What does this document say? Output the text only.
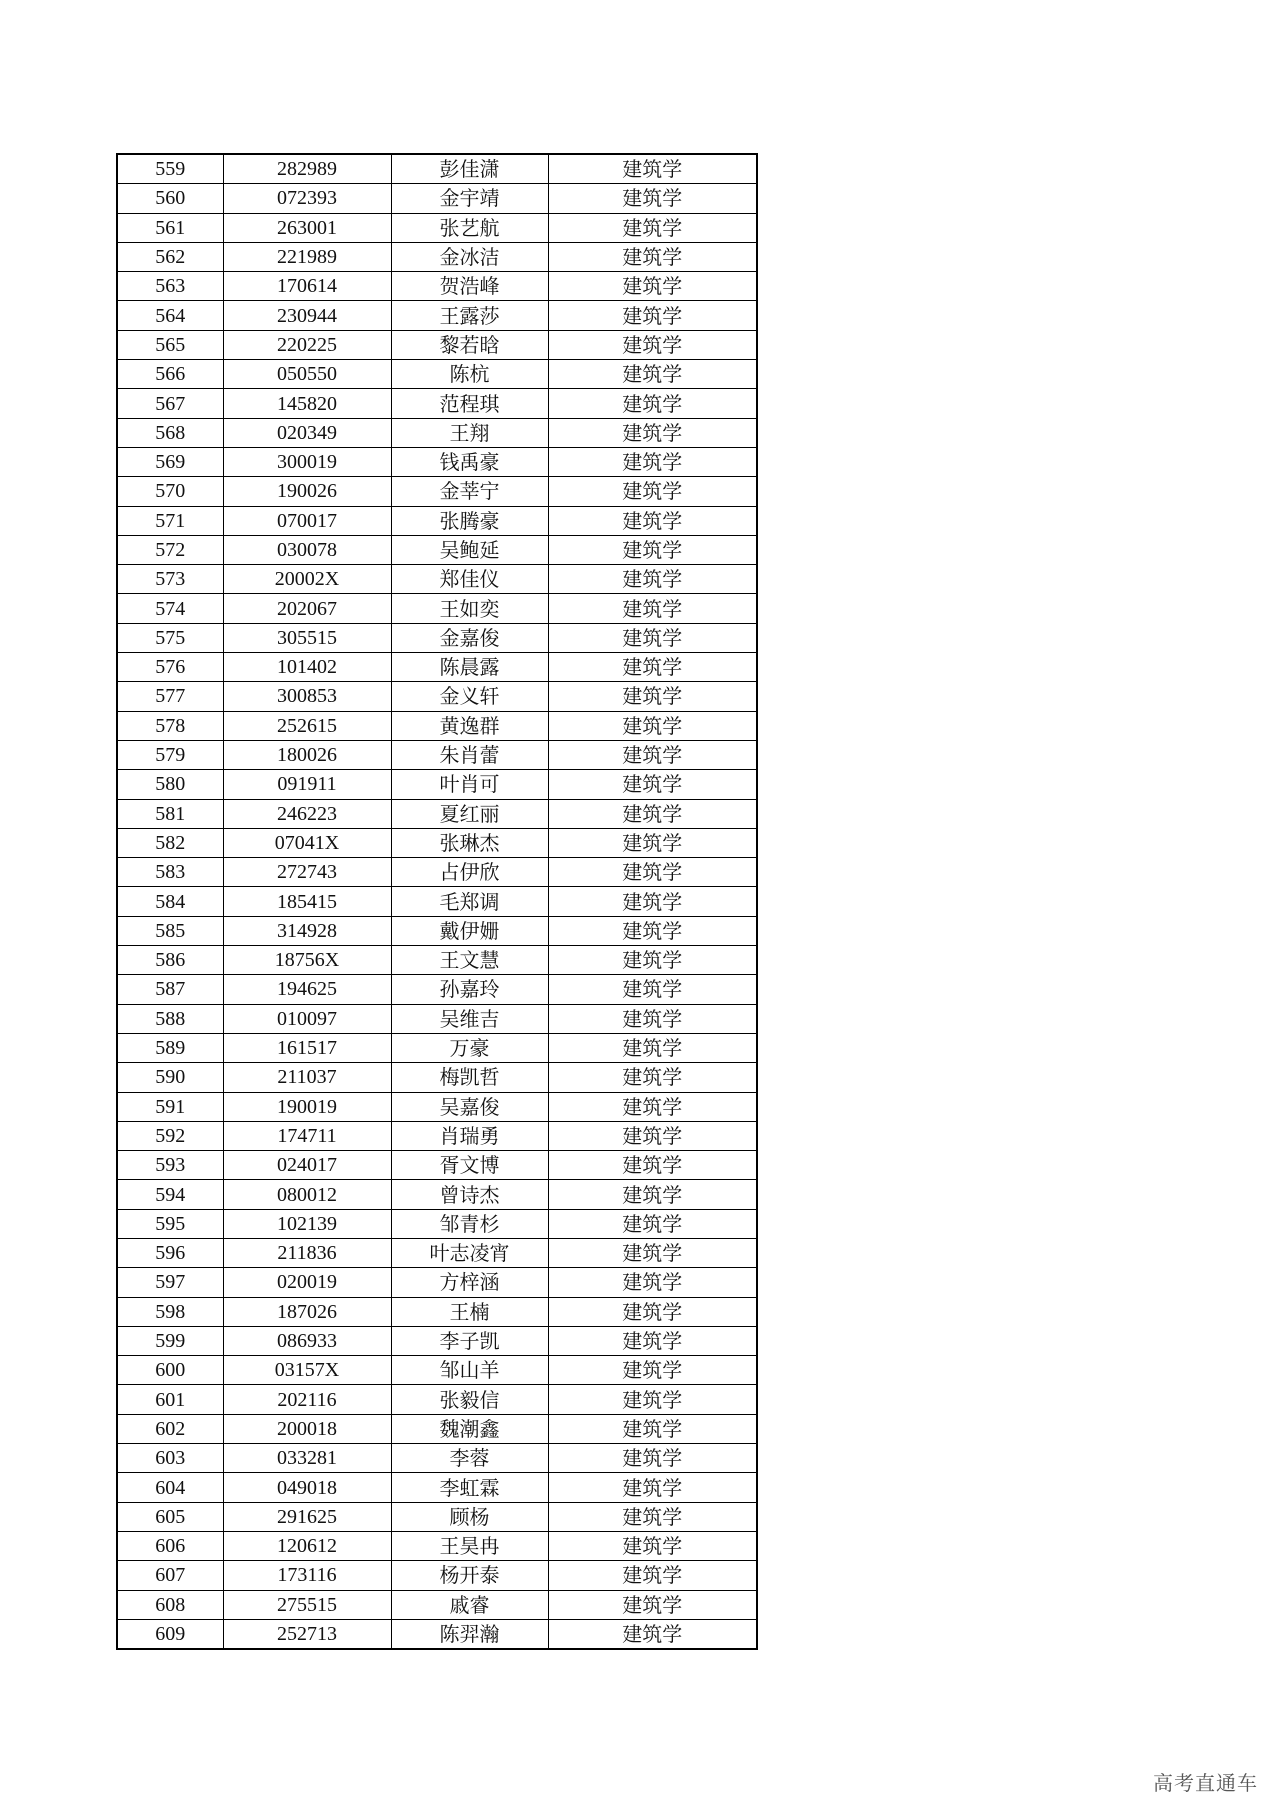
559	282989	彭佳潇	建筑学
560	072393	金宇靖	建筑学
561	263001	张艺航	建筑学
562	221989	金冰洁	建筑学
563	170614	贺浩峰	建筑学
564	230944	王露莎	建筑学
565	220225	黎若晗	建筑学
566	050550	陈杭	建筑学
567	145820	范程琪	建筑学
568	020349	王翔	建筑学
569	300019	钱禹豪	建筑学
570	190026	金莘宁	建筑学
571	070017	张腾豪	建筑学
572	030078	吴鲍延	建筑学
573	20002X	郑佳仪	建筑学
574	202067	王如奕	建筑学
575	305515	金嘉俊	建筑学
576	101402	陈晨露	建筑学
577	300853	金义轩	建筑学
578	252615	黄逸群	建筑学
579	180026	朱肖蕾	建筑学
580	091911	叶肖可	建筑学
581	246223	夏红丽	建筑学
582	07041X	张琳杰	建筑学
583	272743	占伊欣	建筑学
584	185415	毛郑调	建筑学
585	314928	戴伊姗	建筑学
586	18756X	王文慧	建筑学
587	194625	孙嘉玲	建筑学
588	010097	吴维吉	建筑学
589	161517	万豪	建筑学
590	211037	梅凯哲	建筑学
591	190019	吴嘉俊	建筑学
592	174711	肖瑞勇	建筑学
593	024017	胥文博	建筑学
594	080012	曾诗杰	建筑学
595	102139	邹青杉	建筑学
596	211836	叶志凌宵	建筑学
597	020019	方梓涵	建筑学
598	187026	王楠	建筑学
599	086933	李子凯	建筑学
600	03157X	邹山羊	建筑学
601	202116	张毅信	建筑学
602	200018	魏潮鑫	建筑学
603	033281	李蓉	建筑学
604	049018	李虹霖	建筑学
605	291625	顾杨	建筑学
606	120612	王昊冉	建筑学
607	173116	杨开泰	建筑学
608	275515	戚睿	建筑学
609	252713	陈羿瀚	建筑学
高考直通车
